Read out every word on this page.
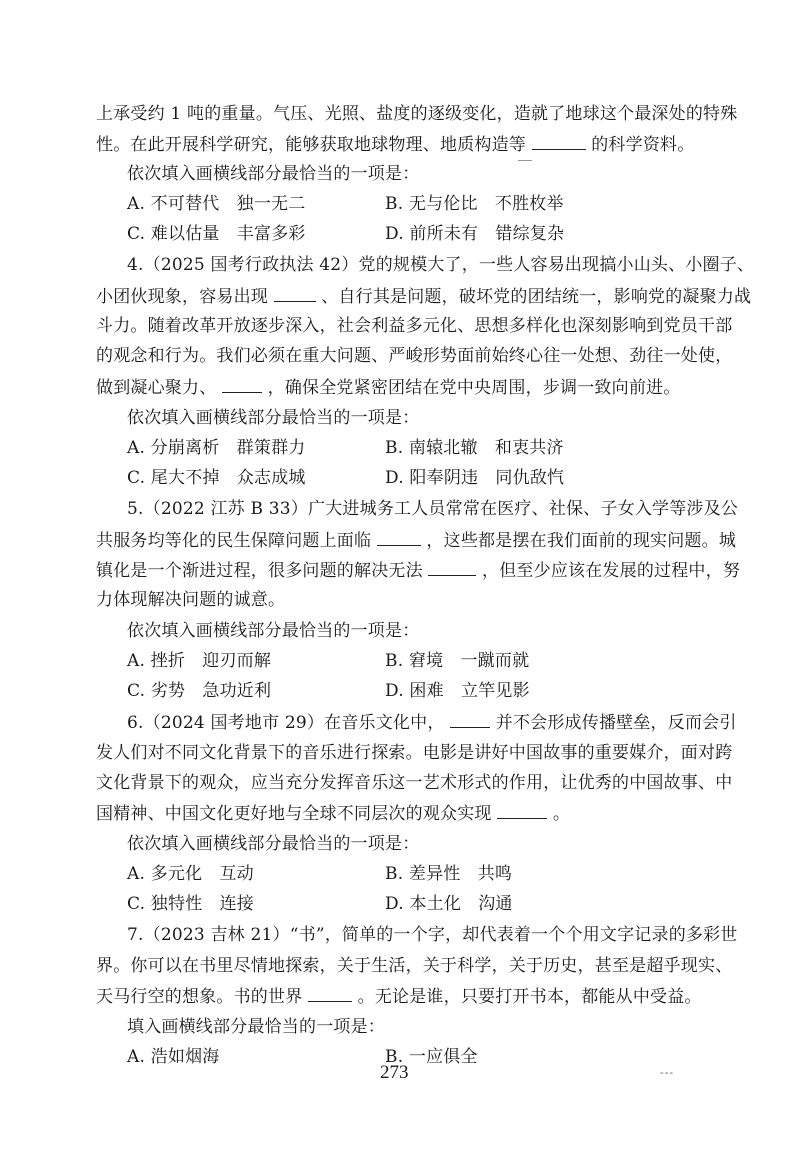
上承受约 1 吨的重量。气压、光照、盐度的逐级变化，造就了地球这个最深处的特殊
性。在此开展科学研究，能够获取地球物理、地质构造等	的科学资料。
依次填入画横线部分最恰当的一项是：
A. 不可替代　独一无二	B. 无与伦比　不胜枚举
C. 难以估量　丰富多彩	D. 前所未有　错综复杂
4.（2025 国考行政执法 42）党的规模大了，一些人容易出现搞小山头、小圈子、
小团伙现象，容易出现	、自行其是问题，破坏党的团结统一，影响党的凝聚力战
斗力。随着改革开放逐步深入，社会利益多元化、思想多样化也深刻影响到党员干部
的观念和行为。我们必须在重大问题、严峻形势面前始终心往一处想、劲往一处使，
做到凝心聚力、	，确保全党紧密团结在党中央周围，步调一致向前进。
依次填入画横线部分最恰当的一项是：
A. 分崩离析　群策群力	B. 南辕北辙　和衷共济
C. 尾大不掉　众志成城	D. 阳奉阴违　同仇敌忾
5.（2022 江苏 B 33）广大进城务工人员常常在医疗、社保、子女入学等涉及公
共服务均等化的民生保障问题上面临	，这些都是摆在我们面前的现实问题。城
镇化是一个渐进过程，很多问题的解决无法	，但至少应该在发展的过程中，努
力体现解决问题的诚意。
依次填入画横线部分最恰当的一项是：
A. 挫折　迎刃而解	B. 窘境　一蹴而就
C. 劣势　急功近利	D. 困难　立竿见影
6.（2024 国考地市 29）在音乐文化中，	并不会形成传播壁垒，反而会引
发人们对不同文化背景下的音乐进行探索。电影是讲好中国故事的重要媒介，面对跨
文化背景下的观众，应当充分发挥音乐这一艺术形式的作用，让优秀的中国故事、中
国精神、中国文化更好地与全球不同层次的观众实现	。
依次填入画横线部分最恰当的一项是：
A. 多元化　互动	B. 差异性　共鸣
C. 独特性　连接	D. 本土化　沟通
7.（2023 吉林 21）“书”，简单的一个字，却代表着一个个用文字记录的多彩世
界。你可以在书里尽情地探索，关于生活，关于科学，关于历史，甚至是超乎现实、
天马行空的想象。书的世界	。无论是谁，只要打开书本，都能从中受益。
填入画横线部分最恰当的一项是：
A. 浩如烟海	B. 一应俱全
273	---
